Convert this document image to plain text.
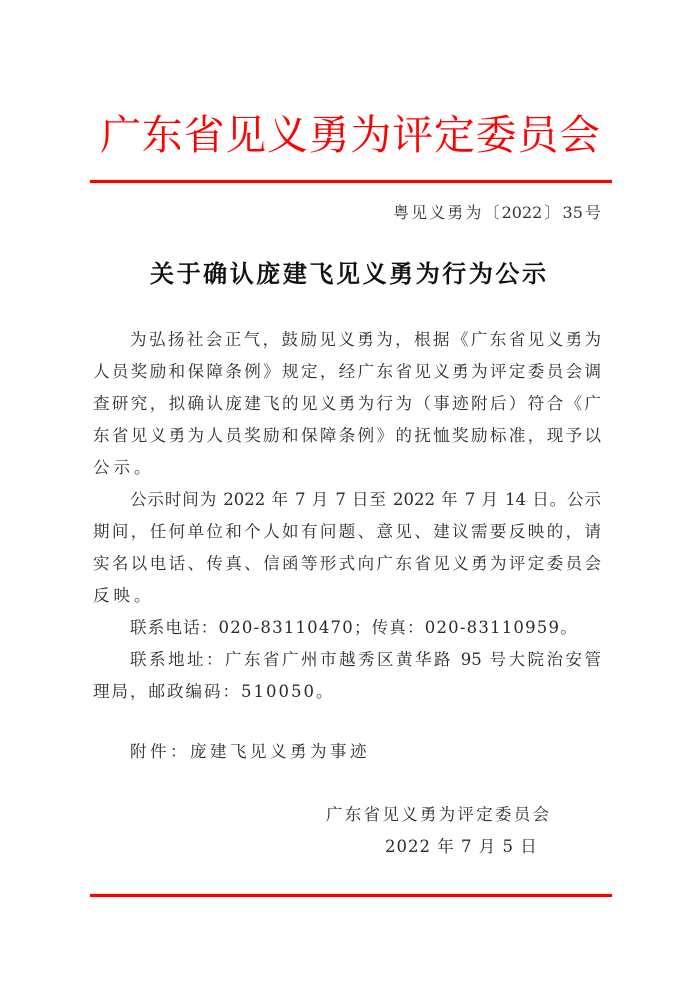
广东省见义勇为评定委员会
粤见义勇为〔2022〕35号
关于确认庞建飞见义勇为行为公示
为弘扬社会正气，鼓励见义勇为，根据《广东省见义勇为
人员奖励和保障条例》规定，经广东省见义勇为评定委员会调
查研究，拟确认庞建飞的见义勇为行为（事迹附后）符合《广
东省见义勇为人员奖励和保障条例》的抚恤奖励标准，现予以
公示。
公示时间为 2022 年 7 月 7 日至 2022 年 7 月 14 日。公示
期间，任何单位和个人如有问题、意见、建议需要反映的，请
实名以电话、传真、信函等形式向广东省见义勇为评定委员会
反映。
联系电话：020-83110470；传真：020-83110959。
联系地址：广东省广州市越秀区黄华路 95 号大院治安管
理局，邮政编码：510050。
附件：庞建飞见义勇为事迹
广东省见义勇为评定委员会
2022 年 7 月 5 日
